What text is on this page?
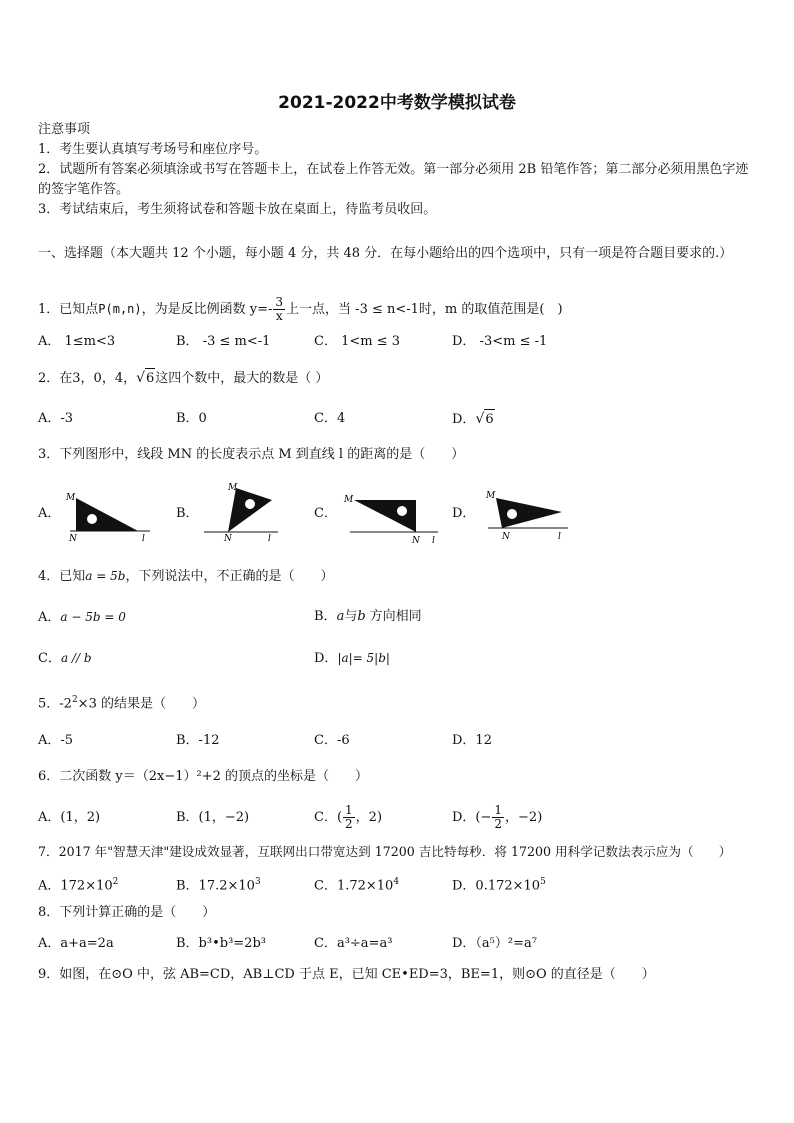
2021-2022中考数学模拟试卷
注意事项
1．考生要认真填写考场号和座位序号。
2．试题所有答案必须填涂或书写在答题卡上，在试卷上作答无效。第一部分必须用 2B 铅笔作答；第二部分必须用黑色字迹的签字笔作答。
3．考试结束后，考生须将试卷和答题卡放在桌面上，待监考员收回。
一、选择题（本大题共 12 个小题，每小题 4 分，共 48 分．在每小题给出的四个选项中，只有一项是符合题目要求的.）
1．已知点P(m,n)，为是反比例函数 $y=- \frac{3}{x}$ 上一点，当 -3 ≤ n<-1时，m 的取值范围是(　)
A． 1≤m<3	B． -3 ≤ m<-1	C． 1<m ≤ 3	D． -3<m ≤ -1
2．在3，0，4，√6这四个数中，最大的数是（ ）
A．-3	B．0	C．4	D．√6
3．下列图形中，线段 MN 的长度表示点 M 到直线 l 的距离的是（　　）
A．	B．	C．	D．
M
N	l
M
N	l
M
N l
M
N	l
4．已知a = 5b，下列说法中，不正确的是（　　）
A．a − 5b = 0	B．a与b 方向相同
C．a // b	D．|a|= 5|b|
5．$-2^2\times 3$ 的结果是（　　）
A．-5	B．-12	C．-6	D．12
6．二次函数 y＝（2x−1）²+2 的顶点的坐标是（　　）
A．(1，2)	B．(1，−2)	C．( $\frac{1}{2}$ ，2)	D．(− $\frac{1}{2}$ ，−2)
7．2017 年"智慧天津"建设成效显著，互联网出口带宽达到 17200 吉比特每秒．将 17200 用科学记数法表示应为（　　）
A．$172\times 10^2$	B．$17.2\times 10^3$	C．$1.72\times 10^4$	D．$0.172\times 10^5$
8．下列计算正确的是（　　）
A．a+a=2a	B．b³•b³=2b³	C．a³÷a=a³	D．（a⁵）²=a⁷
9．如图，在⊙O 中，弦 AB=CD，AB⊥CD 于点 E，已知 CE•ED=3，BE=1，则⊙O 的直径是（　　）
